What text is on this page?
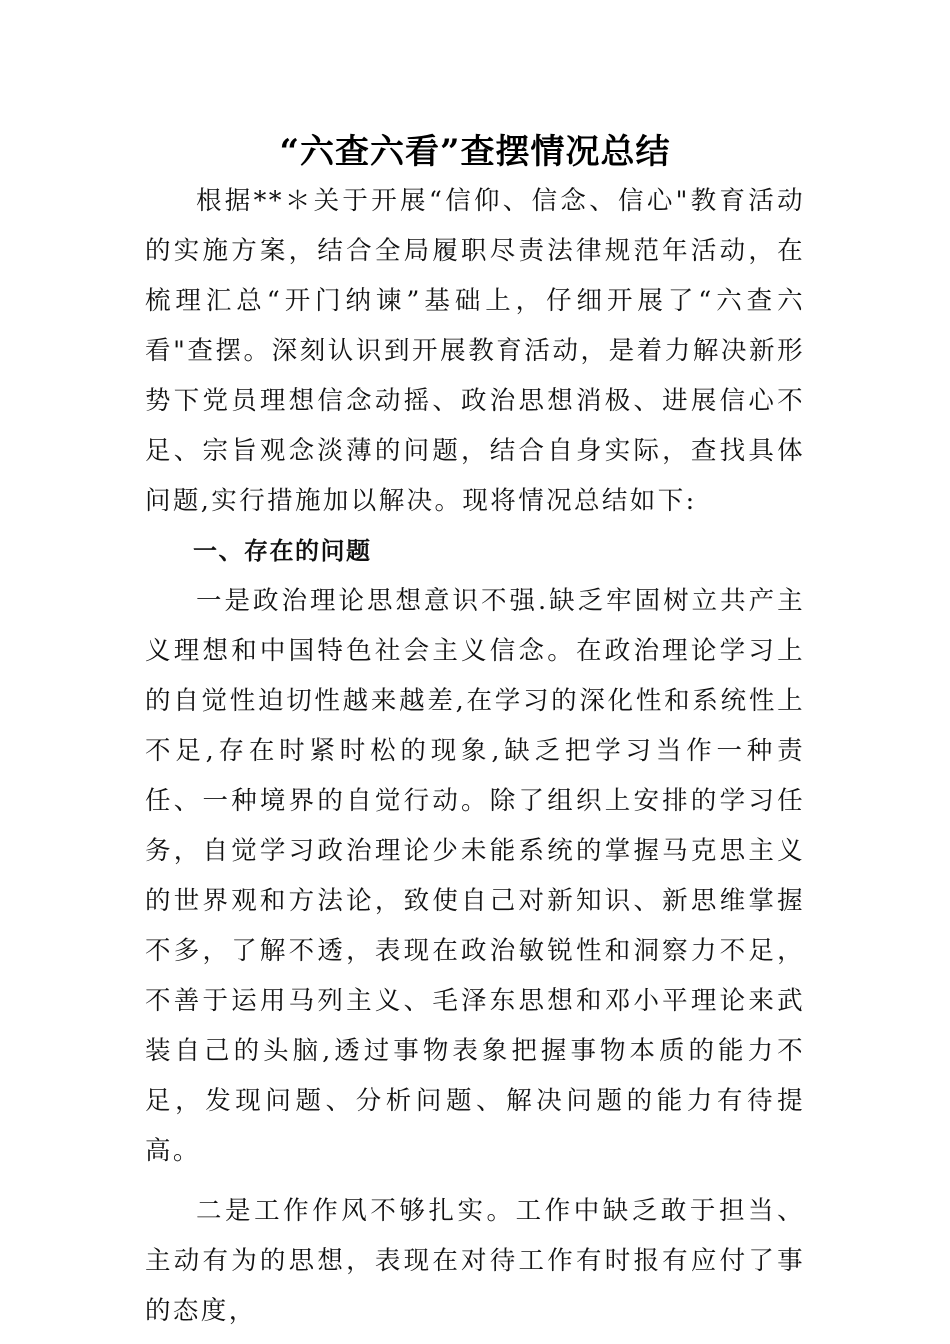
“六查六看”查摆情况总结

根据**＊关于开展“信仰、信念、信心"教育活动的实施方案，结合全局履职尽责法律规范年活动，在梳理汇总“开门纳谏”基础上，仔细开展了“六查六看"查摆。深刻认识到开展教育活动，是着力解决新形势下党员理想信念动摇、政治思想消极、进展信心不足、宗旨观念淡薄的问题，结合自身实际，查找具体问题,实行措施加以解决。现将情况总结如下:

一、存在的问题

一是政治理论思想意识不强.缺乏牢固树立共产主义理想和中国特色社会主义信念。在政治理论学习上的自觉性迫切性越来越差,在学习的深化性和系统性上不足,存在时紧时松的现象,缺乏把学习当作一种责任、一种境界的自觉行动。除了组织上安排的学习任务，自觉学习政治理论少未能系统的掌握马克思主义的世界观和方法论，致使自己对新知识、新思维掌握不多，了解不透，表现在政治敏锐性和洞察力不足，不善于运用马列主义、毛泽东思想和邓小平理论来武装自己的头脑,透过事物表象把握事物本质的能力不足，发现问题、分析问题、解决问题的能力有待提高。

二是工作作风不够扎实。工作中缺乏敢于担当、主动有为的思想，表现在对待工作有时报有应付了事的态度，
